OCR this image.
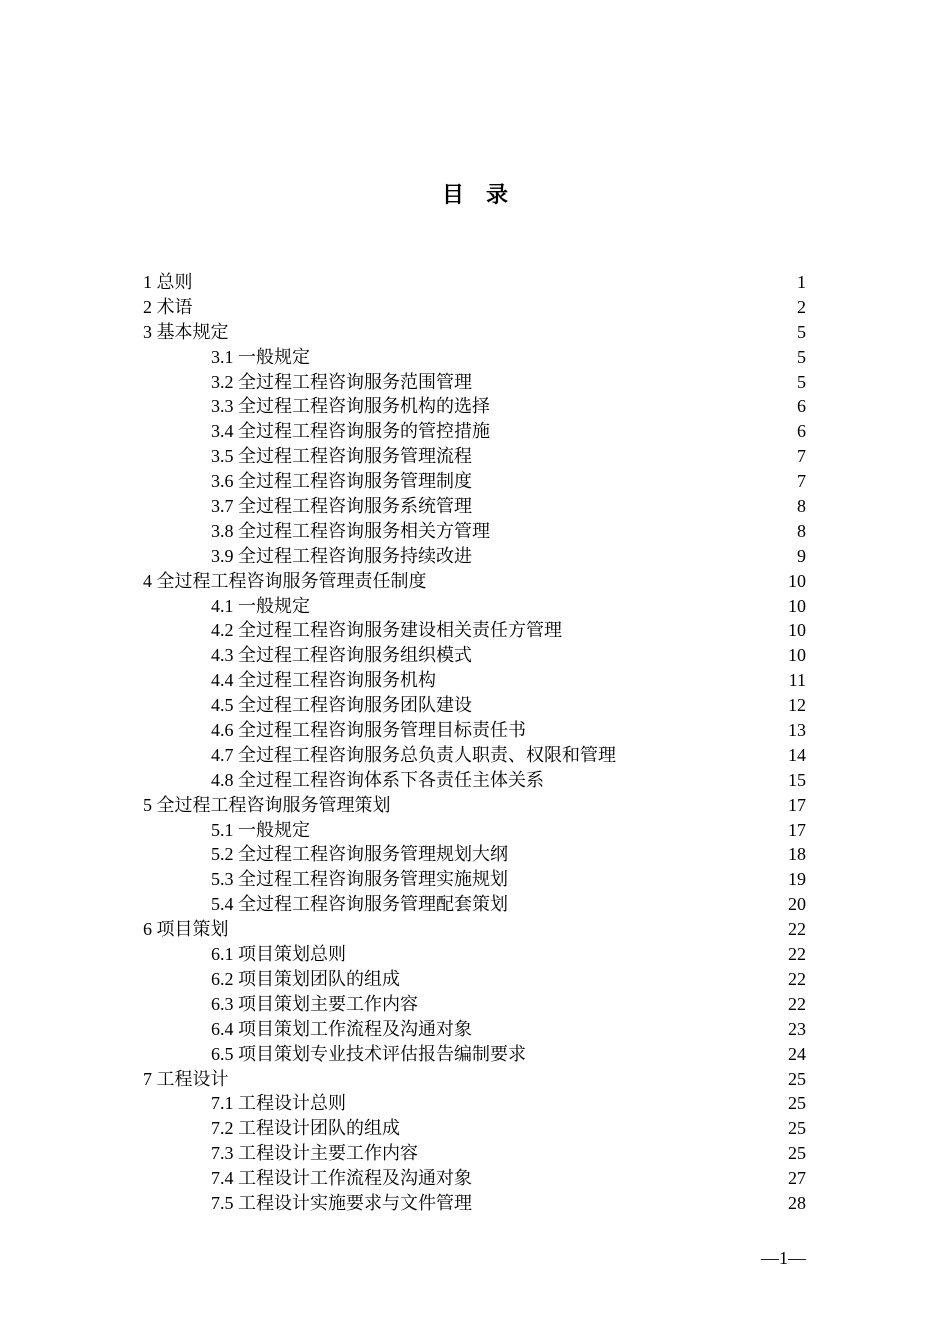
目录
1 总则	1
2 术语	2
3 基本规定	5
3.1 一般规定	5
3.2 全过程工程咨询服务范围管理	5
3.3 全过程工程咨询服务机构的选择	6
3.4 全过程工程咨询服务的管控措施	6
3.5 全过程工程咨询服务管理流程	7
3.6 全过程工程咨询服务管理制度	7
3.7 全过程工程咨询服务系统管理	8
3.8 全过程工程咨询服务相关方管理	8
3.9 全过程工程咨询服务持续改进	9
4 全过程工程咨询服务管理责任制度	10
4.1 一般规定	10
4.2 全过程工程咨询服务建设相关责任方管理	10
4.3 全过程工程咨询服务组织模式	10
4.4 全过程工程咨询服务机构	11
4.5 全过程工程咨询服务团队建设	12
4.6 全过程工程咨询服务管理目标责任书	13
4.7 全过程工程咨询服务总负责人职责、权限和管理	14
4.8 全过程工程咨询体系下各责任主体关系	15
5 全过程工程咨询服务管理策划	17
5.1 一般规定	17
5.2 全过程工程咨询服务管理规划大纲	18
5.3 全过程工程咨询服务管理实施规划	19
5.4 全过程工程咨询服务管理配套策划	20
6 项目策划	22
6.1 项目策划总则	22
6.2 项目策划团队的组成	22
6.3 项目策划主要工作内容	22
6.4 项目策划工作流程及沟通对象	23
6.5 项目策划专业技术评估报告编制要求	24
7 工程设计	25
7.1 工程设计总则	25
7.2 工程设计团队的组成	25
7.3 工程设计主要工作内容	25
7.4 工程设计工作流程及沟通对象	27
7.5 工程设计实施要求与文件管理	28
—1—
